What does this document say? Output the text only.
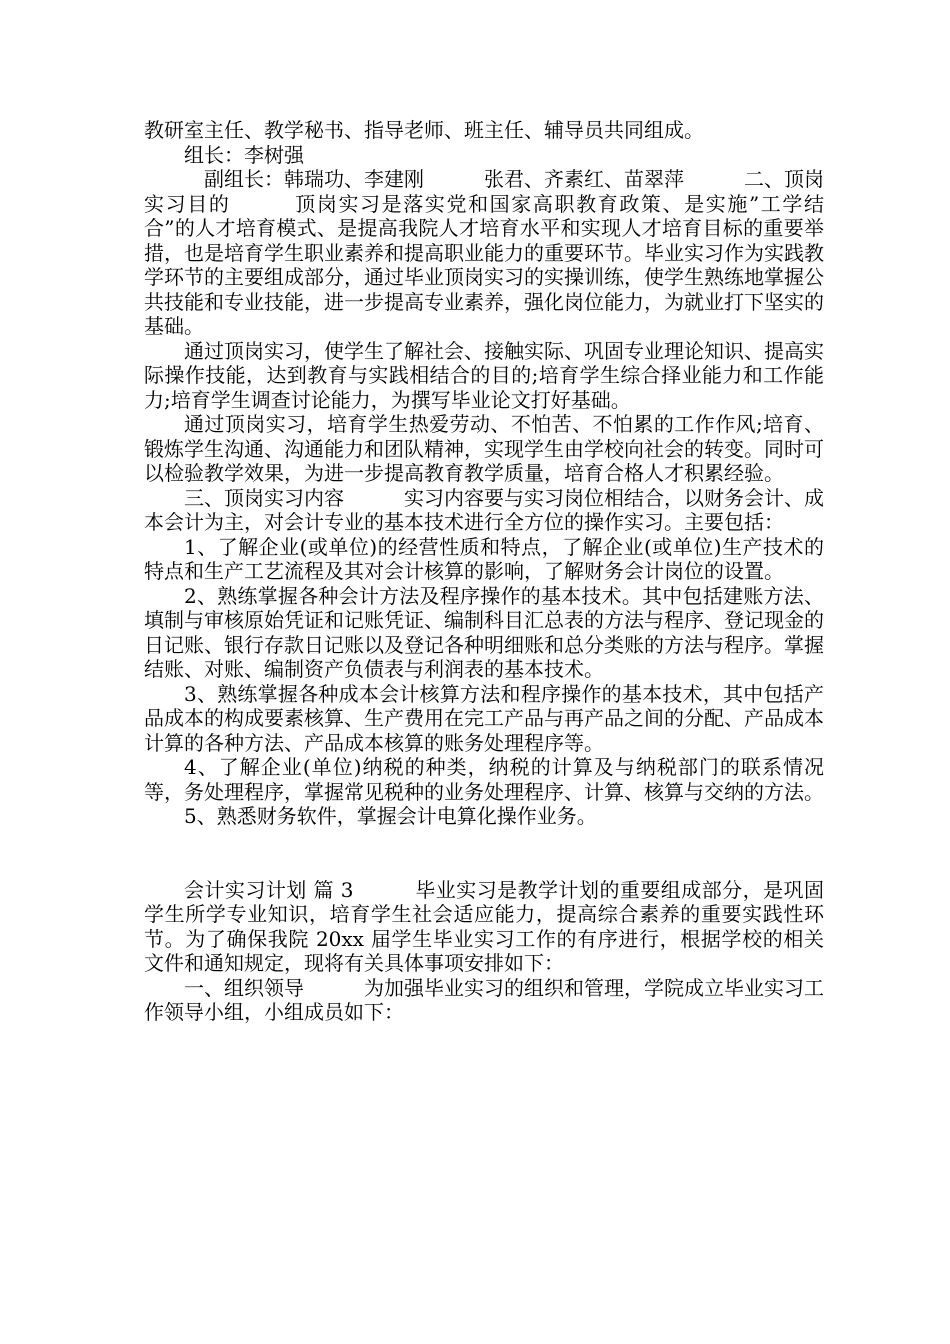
教研室主任、教学秘书、指导老师、班主任、辅导员共同组成。

组长：李树强

　副组长：韩瑞功、李建刚　　　张君、齐素红、苗翠萍　　　二、顶岗实习目的　　　顶岗实习是落实党和国家高职教育政策、是实施”工学结合”的人才培育模式、是提高我院人才培育水平和实现人才培育目标的重要举措，也是培育学生职业素养和提高职业能力的重要环节。毕业实习作为实践教学环节的主要组成部分，通过毕业顶岗实习的实操训练，使学生熟练地掌握公共技能和专业技能，进一步提高专业素养，强化岗位能力，为就业打下坚实的基础。

通过顶岗实习，使学生了解社会、接触实际、巩固专业理论知识、提高实际操作技能，达到教育与实践相结合的目的;培育学生综合择业能力和工作能力;培育学生调查讨论能力，为撰写毕业论文打好基础。

通过顶岗实习，培育学生热爱劳动、不怕苦、不怕累的工作作风;培育、锻炼学生沟通、沟通能力和团队精神，实现学生由学校向社会的转变。同时可以检验教学效果，为进一步提高教育教学质量，培育合格人才积累经验。

三、顶岗实习内容　　　实习内容要与实习岗位相结合，以财务会计、成本会计为主，对会计专业的基本技术进行全方位的操作实习。主要包括：

1、了解企业(或单位)的经营性质和特点，了解企业(或单位)生产技术的特点和生产工艺流程及其对会计核算的影响，了解财务会计岗位的设置。

2、熟练掌握各种会计方法及程序操作的基本技术。其中包括建账方法、填制与审核原始凭证和记账凭证、编制科目汇总表的方法与程序、登记现金的日记账、银行存款日记账以及登记各种明细账和总分类账的方法与程序。掌握结账、对账、编制资产负债表与利润表的基本技术。

3、熟练掌握各种成本会计核算方法和程序操作的基本技术，其中包括产品成本的构成要素核算、生产费用在完工产品与再产品之间的分配、产品成本计算的各种方法、产品成本核算的账务处理程序等。

4、了解企业(单位)纳税的种类，纳税的计算及与纳税部门的联系情况等，务处理程序，掌握常见税种的业务处理程序、计算、核算与交纳的方法。

5、熟悉财务软件，掌握会计电算化操作业务。

会计实习计划 篇 3　　　毕业实习是教学计划的重要组成部分，是巩固学生所学专业知识，培育学生社会适应能力，提高综合素养的重要实践性环节。为了确保我院 20xx 届学生毕业实习工作的有序进行，根据学校的相关文件和通知规定，现将有关具体事项安排如下：

一、组织领导　　　为加强毕业实习的组织和管理，学院成立毕业实习工作领导小组，小组成员如下：
